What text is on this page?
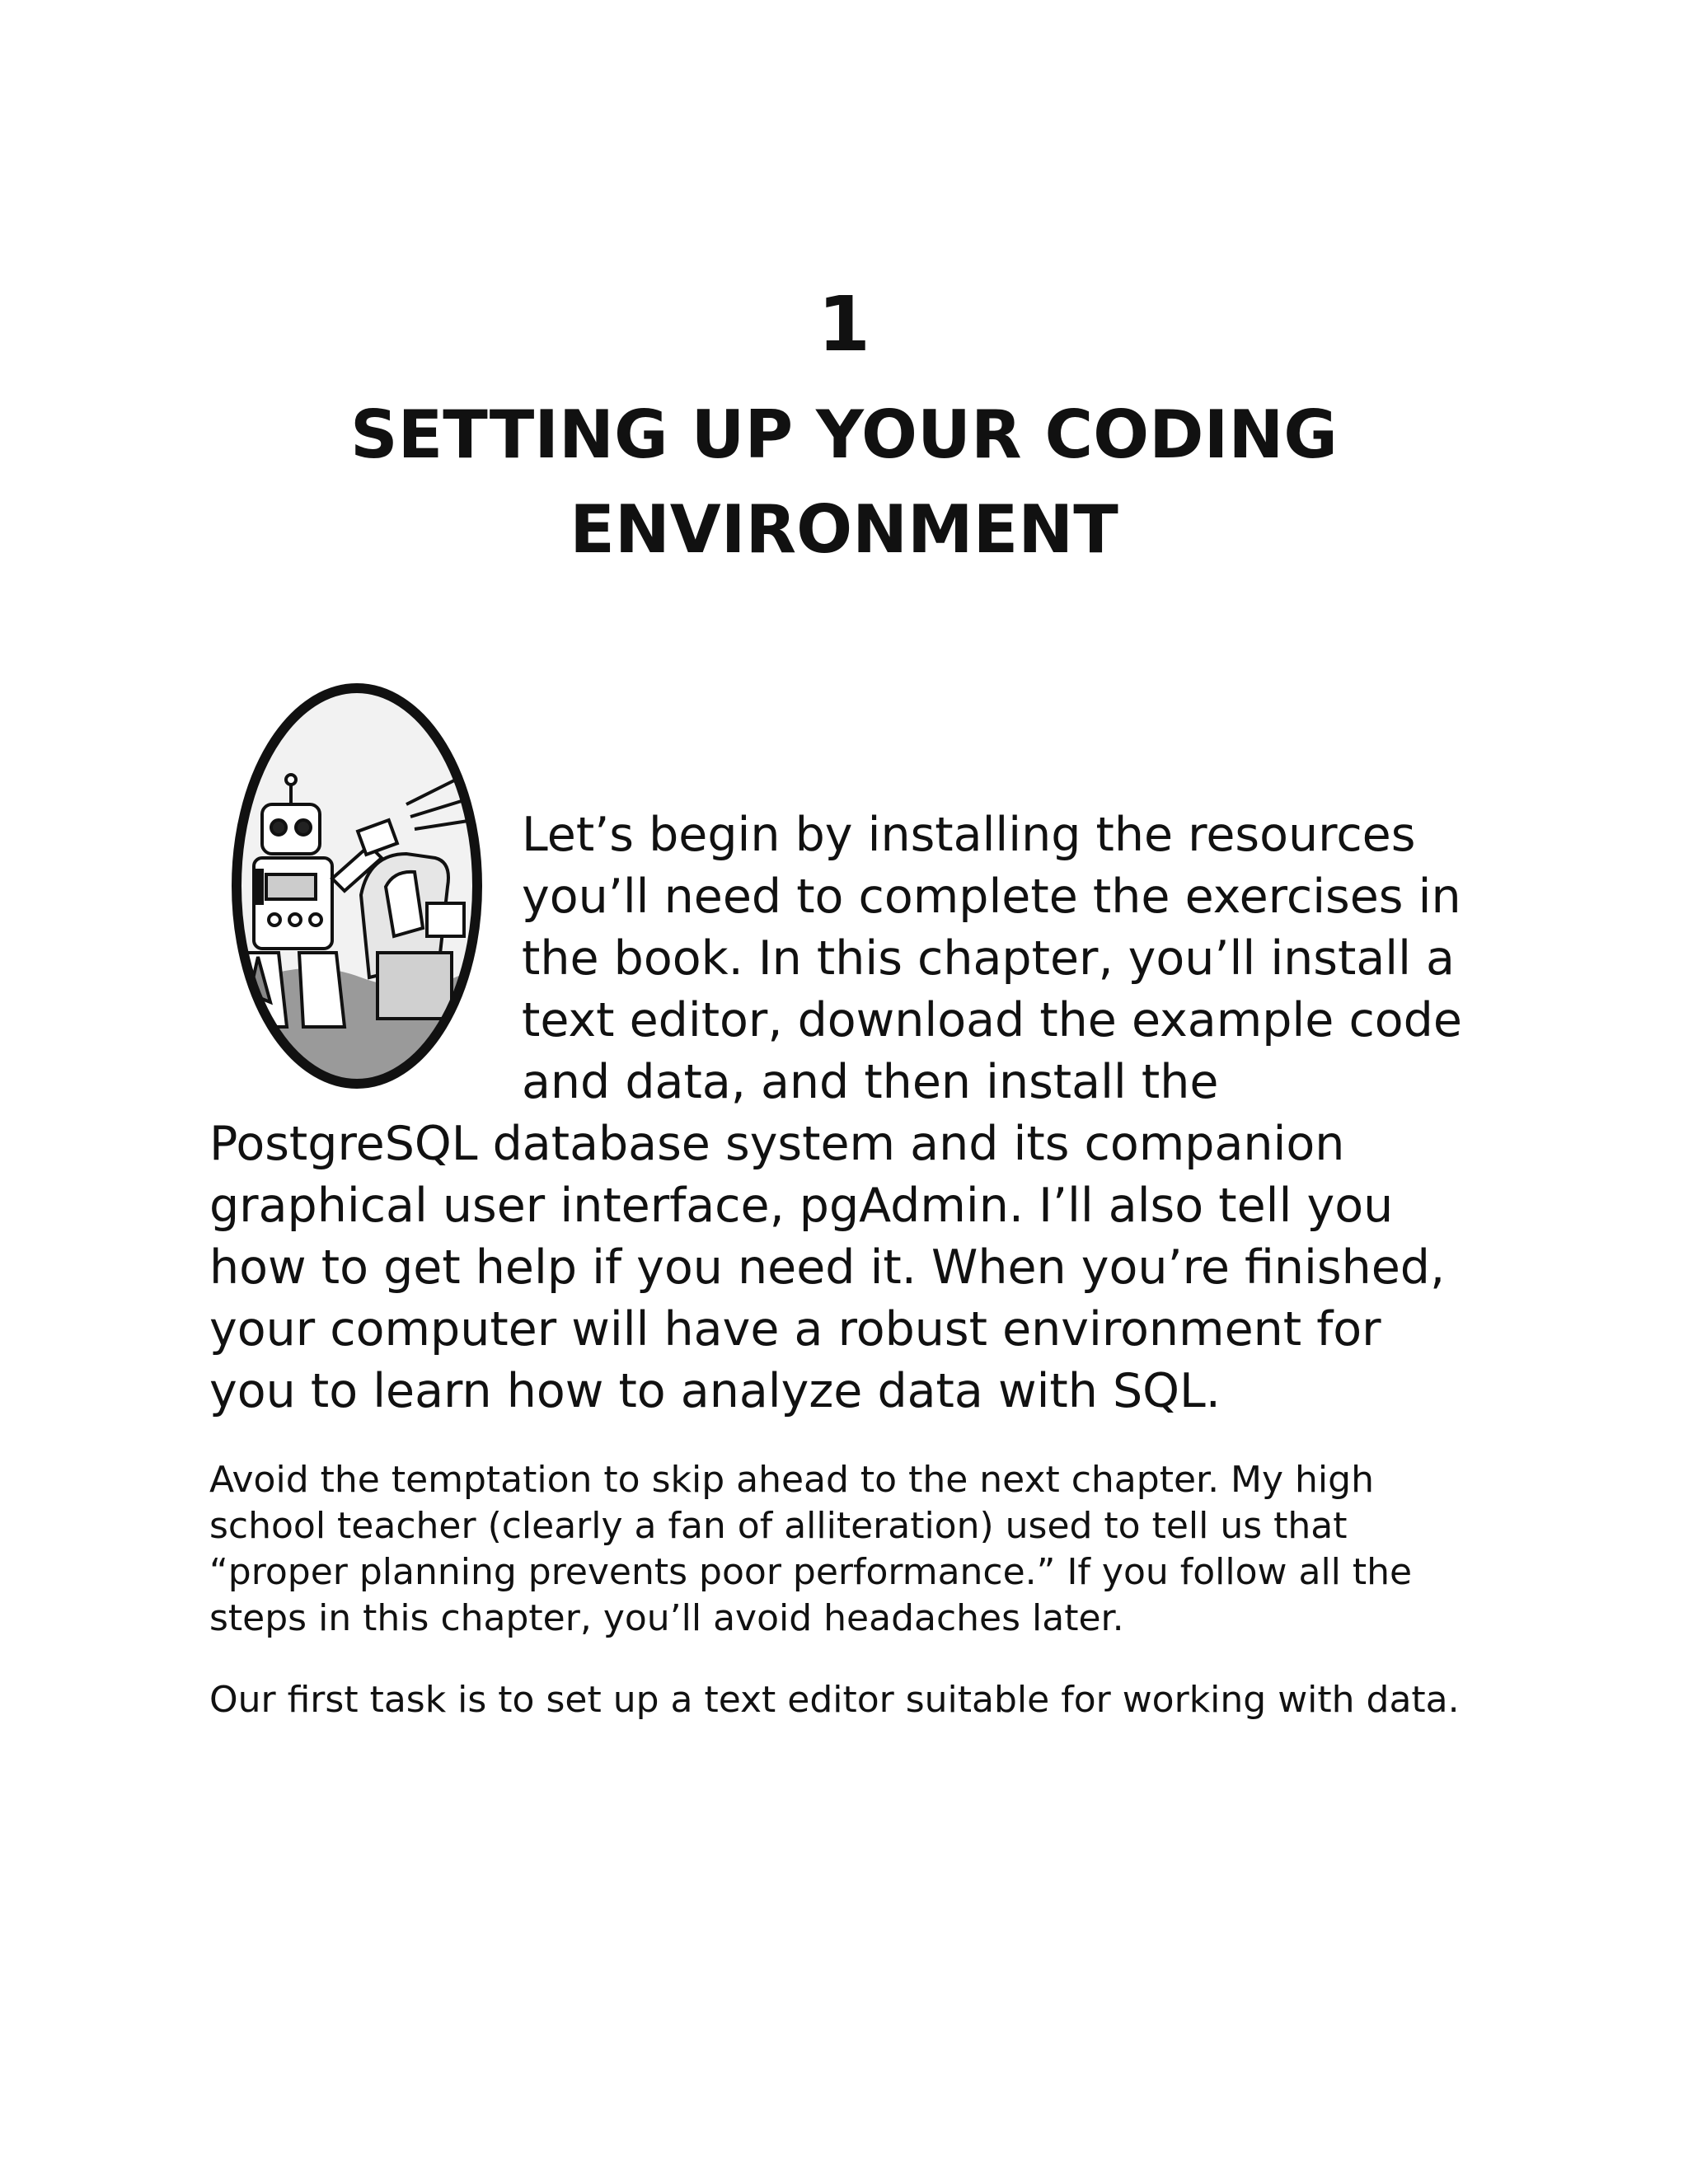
1
SETTING UP YOUR CODING
ENVIRONMENT
Let’s begin by installing the resources
you’ll need to complete the exercises in
the book. In this chapter, you’ll install a
text editor, download the example code
and data, and then install the
PostgreSQL database system and its companion
graphical user interface, pgAdmin. I’ll also tell you
how to get help if you need it. When you’re finished,
your computer will have a robust environment for
you to learn how to analyze data with SQL.

Avoid the temptation to skip ahead to the next chapter. My high
school teacher (clearly a fan of alliteration) used to tell us that
“proper planning prevents poor performance.” If you follow all the
steps in this chapter, you’ll avoid headaches later.

Our first task is to set up a text editor suitable for working with data.
